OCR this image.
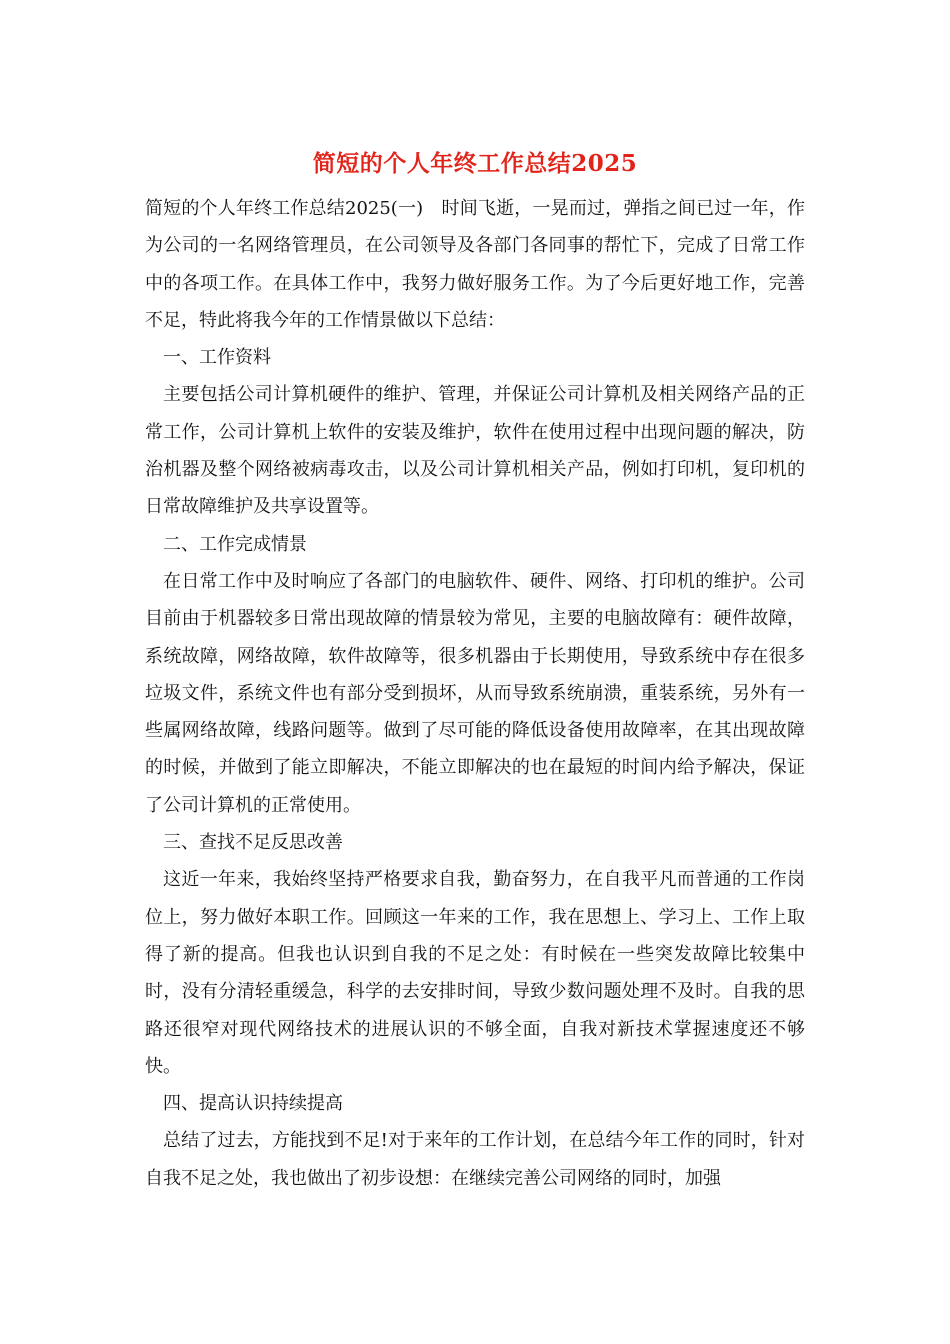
简短的个人年终工作总结2025

简短的个人年终工作总结2025(一)　时间飞逝，一晃而过，弹指之间已过一年，作为公司的一名网络管理员，在公司领导及各部门各同事的帮忙下，完成了日常工作中的各项工作。在具体工作中，我努力做好服务工作。为了今后更好地工作，完善不足，特此将我今年的工作情景做以下总结：

一、工作资料

主要包括公司计算机硬件的维护、管理，并保证公司计算机及相关网络产品的正常工作，公司计算机上软件的安装及维护，软件在使用过程中出现问题的解决，防治机器及整个网络被病毒攻击，以及公司计算机相关产品，例如打印机，复印机的日常故障维护及共享设置等。

二、工作完成情景

在日常工作中及时响应了各部门的电脑软件、硬件、网络、打印机的维护。公司目前由于机器较多日常出现故障的情景较为常见，主要的电脑故障有：硬件故障，系统故障，网络故障，软件故障等，很多机器由于长期使用，导致系统中存在很多垃圾文件，系统文件也有部分受到损坏，从而导致系统崩溃，重装系统，另外有一些属网络故障，线路问题等。做到了尽可能的降低设备使用故障率，在其出现故障的时候，并做到了能立即解决，不能立即解决的也在最短的时间内给予解决，保证了公司计算机的正常使用。

三、查找不足反思改善

这近一年来，我始终坚持严格要求自我，勤奋努力，在自我平凡而普通的工作岗位上，努力做好本职工作。回顾这一年来的工作，我在思想上、学习上、工作上取得了新的提高。但我也认识到自我的不足之处：有时候在一些突发故障比较集中时，没有分清轻重缓急，科学的去安排时间，导致少数问题处理不及时。自我的思路还很窄对现代网络技术的进展认识的不够全面，自我对新技术掌握速度还不够快。

四、提高认识持续提高

总结了过去，方能找到不足!对于来年的工作计划，在总结今年工作的同时，针对自我不足之处，我也做出了初步设想：在继续完善公司网络的同时，加强
